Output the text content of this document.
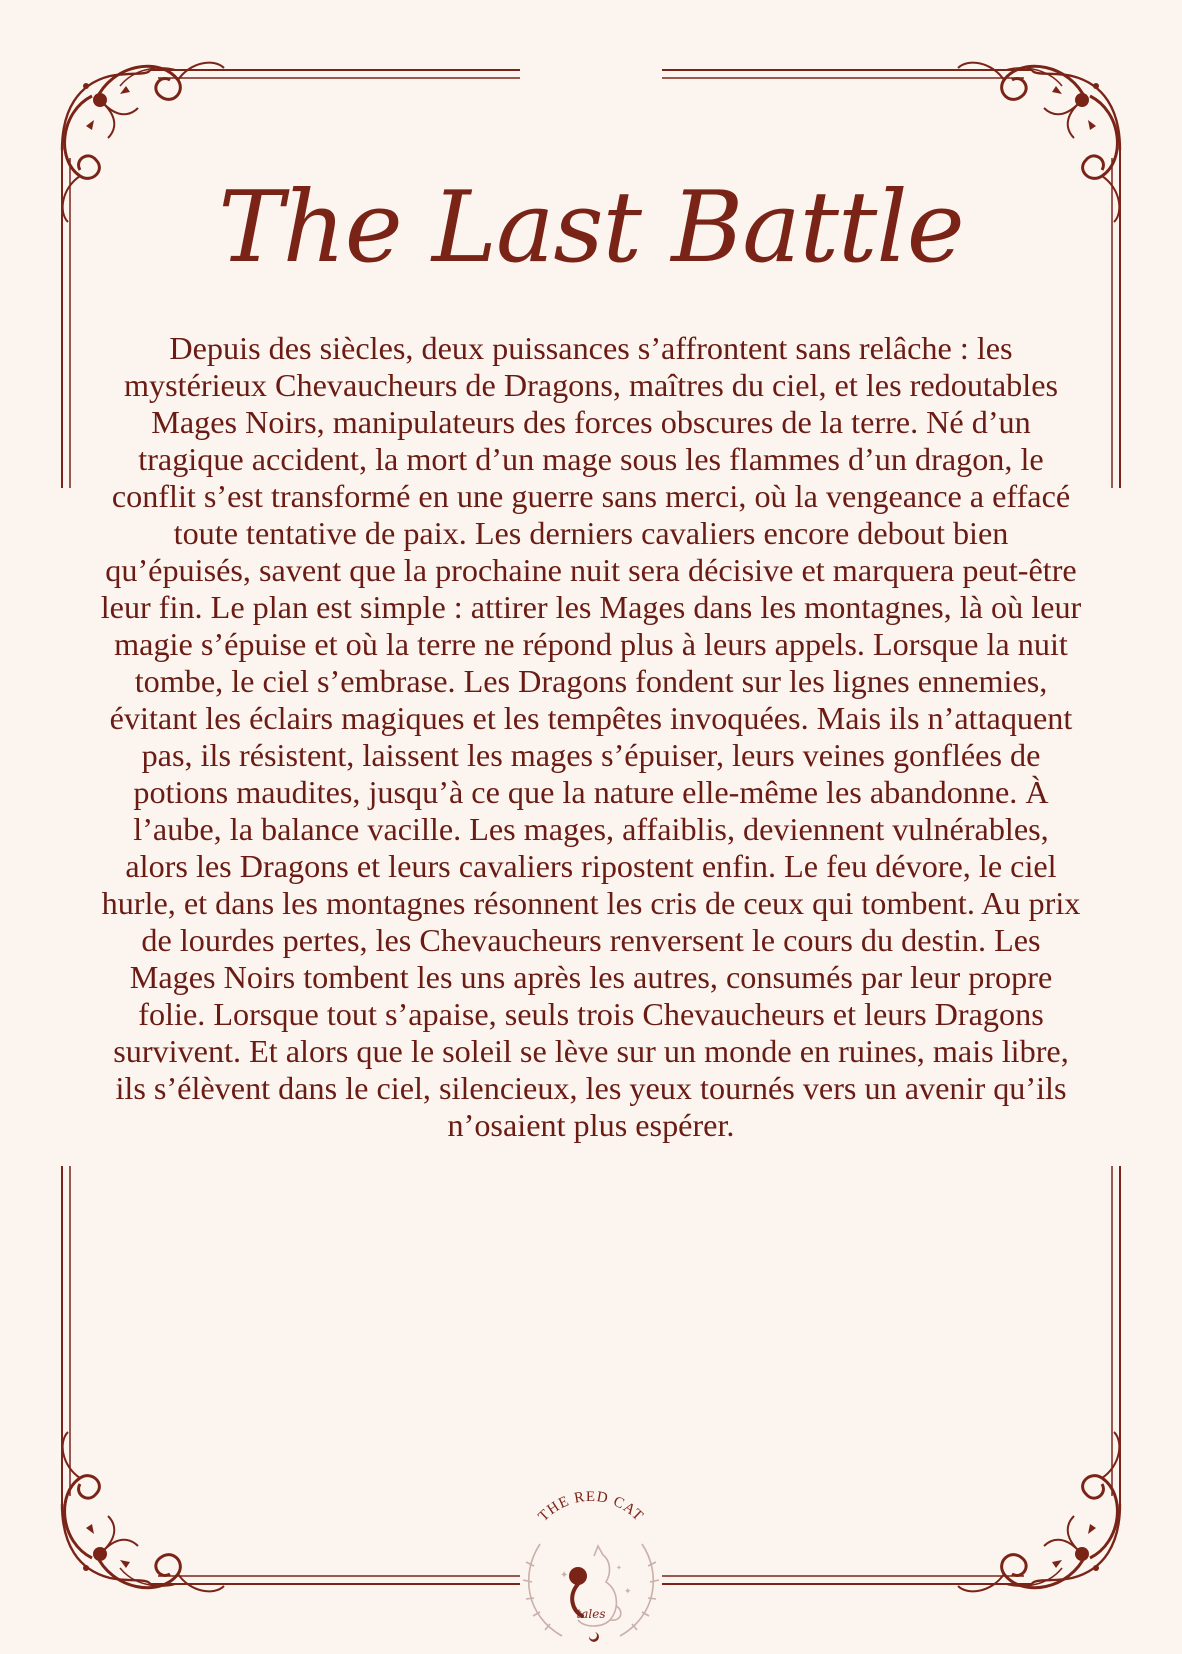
The Last Battle

Depuis des siècles, deux puissances s’affrontent sans relâche : les mystérieux Chevaucheurs de Dragons, maîtres du ciel, et les redoutables Mages Noirs, manipulateurs des forces obscures de la terre. Né d’un tragique accident, la mort d’un mage sous les flammes d’un dragon, le conflit s’est transformé en une guerre sans merci, où la vengeance a effacé toute tentative de paix. Les derniers cavaliers encore debout bien qu’épuisés, savent que la prochaine nuit sera décisive et marquera peut-être leur fin. Le plan est simple : attirer les Mages dans les montagnes, là où leur magie s’épuise et où la terre ne répond plus à leurs appels. Lorsque la nuit tombe, le ciel s’embrase. Les Dragons fondent sur les lignes ennemies, évitant les éclairs magiques et les tempêtes invoquées. Mais ils n’attaquent pas, ils résistent, laissent les mages s’épuiser, leurs veines gonflées de potions maudites, jusqu’à ce que la nature elle-même les abandonne. À l’aube, la balance vacille. Les mages, affaiblis, deviennent vulnérables, alors les Dragons et leurs cavaliers ripostent enfin. Le feu dévore, le ciel hurle, et dans les montagnes résonnent les cris de ceux qui tombent. Au prix de lourdes pertes, les Chevaucheurs renversent le cours du destin. Les Mages Noirs tombent les uns après les autres, consumés par leur propre folie. Lorsque tout s’apaise, seuls trois Chevaucheurs et leurs Dragons survivent. Et alors que le soleil se lève sur un monde en ruines, mais libre, ils s’élèvent dans le ciel, silencieux, les yeux tournés vers un avenir qu’ils n’osaient plus espérer.

✦
✦
✦
THE RED CAT
tales
